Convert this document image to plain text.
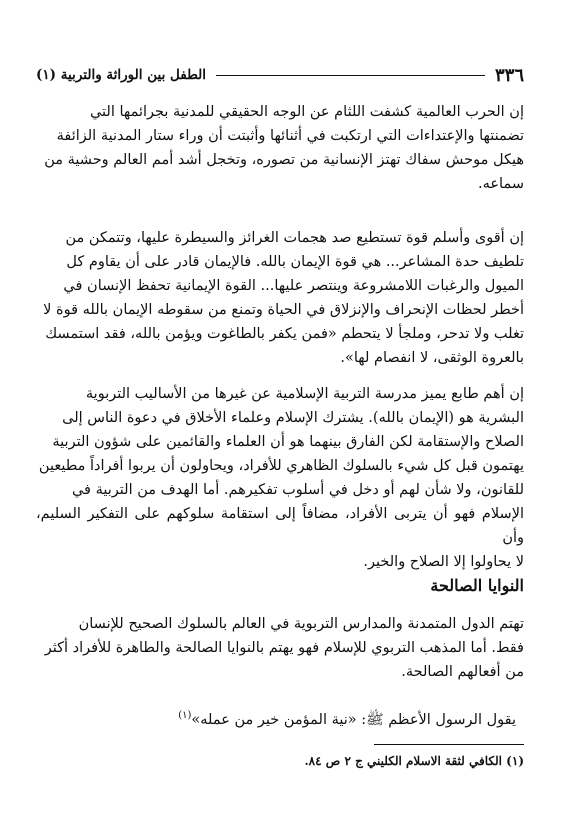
٣٣٦
الطفل بين الوراثة والتربية (١)

إن الحرب العالمية كشفت اللثام عن الوجه الحقيقي للمدنية بجرائمها التي
تضمنتها والإعتداءات التي ارتكبت في أثنائها وأثبتت أن وراء ستار المدنية الزائفة
هيكل موحش سفاك تهتز الإنسانية من تصوره، وتخجل أشد أمم العالم وحشية من
سماعه.

إن أقوى وأسلم قوة تستطيع صد هجمات الغرائز والسيطرة عليها، وتتمكن من
تلطيف حدة المشاعر... هي قوة الإيمان بالله. فالإيمان قادر على أن يقاوم كل
الميول والرغبات اللامشروعة وينتصر عليها... القوة الإيمانية تحفظ الإنسان في
أخطر لحظات الإنحراف والإنزلاق في الحياة وتمنع من سقوطه الإيمان بالله قوة لا
تغلب ولا تدحر، وملجأ لا يتحطم «فمن يكفر بالطاغوت ويؤمن بالله، فقد استمسك
بالعروة الوثقى، لا انفصام لها».

إن أهم طابع يميز مدرسة التربية الإسلامية عن غيرها من الأساليب التربوية
البشرية هو (الإيمان بالله). يشترك الإسلام وعلماء الأخلاق في دعوة الناس إلى
الصلاح والإستقامة لكن الفارق بينهما هو أن العلماء والقائمين على شؤون التربية
يهتمون قبل كل شيء بالسلوك الظاهري للأفراد، ويحاولون أن يربوا أفراداً مطيعين
للقانون، ولا شأن لهم أو دخل في أسلوب تفكيرهم. أما الهدف من التربية في
الإسلام فهو أن يتربى الأفراد، مضافاً إلى استقامة سلوكهم على التفكير السليم، وأن
لا يحاولوا إلا الصلاح والخير.

النوايا الصالحة

تهتم الدول المتمدنة والمدارس التربوية في العالم بالسلوك الصحيح للإنسان
فقط. أما المذهب التربوي للإسلام فهو يهتم بالنوايا الصالحة والطاهرة للأفراد أكثر
من أفعالهم الصالحة.

يقول الرسول الأعظم ﷺ: «نية المؤمن خير من عمله»$^{(١)}$

(١) الكافي لثقة الاسلام الكليني ج ٢ ص ٨٤.
